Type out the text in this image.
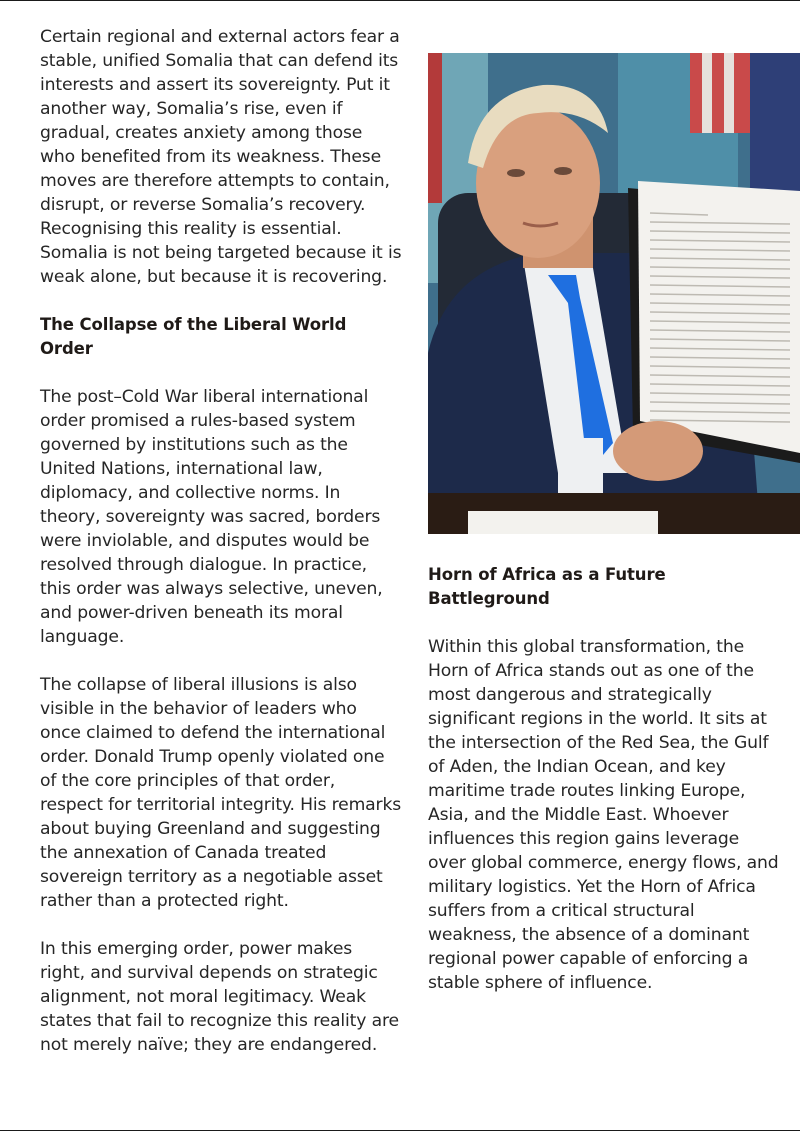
Certain regional and external actors fear a stable, unified Somalia that can defend its interests and assert its sovereignty. Put it another way, Somalia’s rise, even if gradual, creates anxiety among those who benefited from its weakness. These moves are therefore attempts to contain, disrupt, or reverse Somalia’s recovery. Recognising this reality is essential. Somalia is not being targeted because it is weak alone, but because it is recovering.

The Collapse of the Liberal World Order

The post–Cold War liberal international order promised a rules-based system governed by institutions such as the United Nations, international law, diplomacy, and collective norms. In theory, sovereignty was sacred, borders were inviolable, and disputes would be resolved through dialogue. In practice, this order was always selective, uneven, and power-driven beneath its moral language.

The collapse of liberal illusions is also visible in the behavior of leaders who once claimed to defend the international order. Donald Trump openly violated one of the core principles of that order, respect for territorial integrity. His remarks about buying Greenland and suggesting the annexation of Canada treated sovereign territory as a negotiable asset rather than a protected right.

In this emerging order, power makes right, and survival depends on strategic alignment, not moral legitimacy. Weak states that fail to recognize this reality are not merely naïve; they are endangered.

Horn of Africa as a Future Battleground

Within this global transformation, the Horn of Africa stands out as one of the most dangerous and strategically significant regions in the world. It sits at the intersection of the Red Sea, the Gulf of Aden, the Indian Ocean, and key maritime trade routes linking Europe, Asia, and the Middle East. Whoever influences this region gains leverage over global commerce, energy flows, and military logistics. Yet the Horn of Africa suffers from a critical structural weakness, the absence of a dominant regional power capable of enforcing a stable sphere of influence.
